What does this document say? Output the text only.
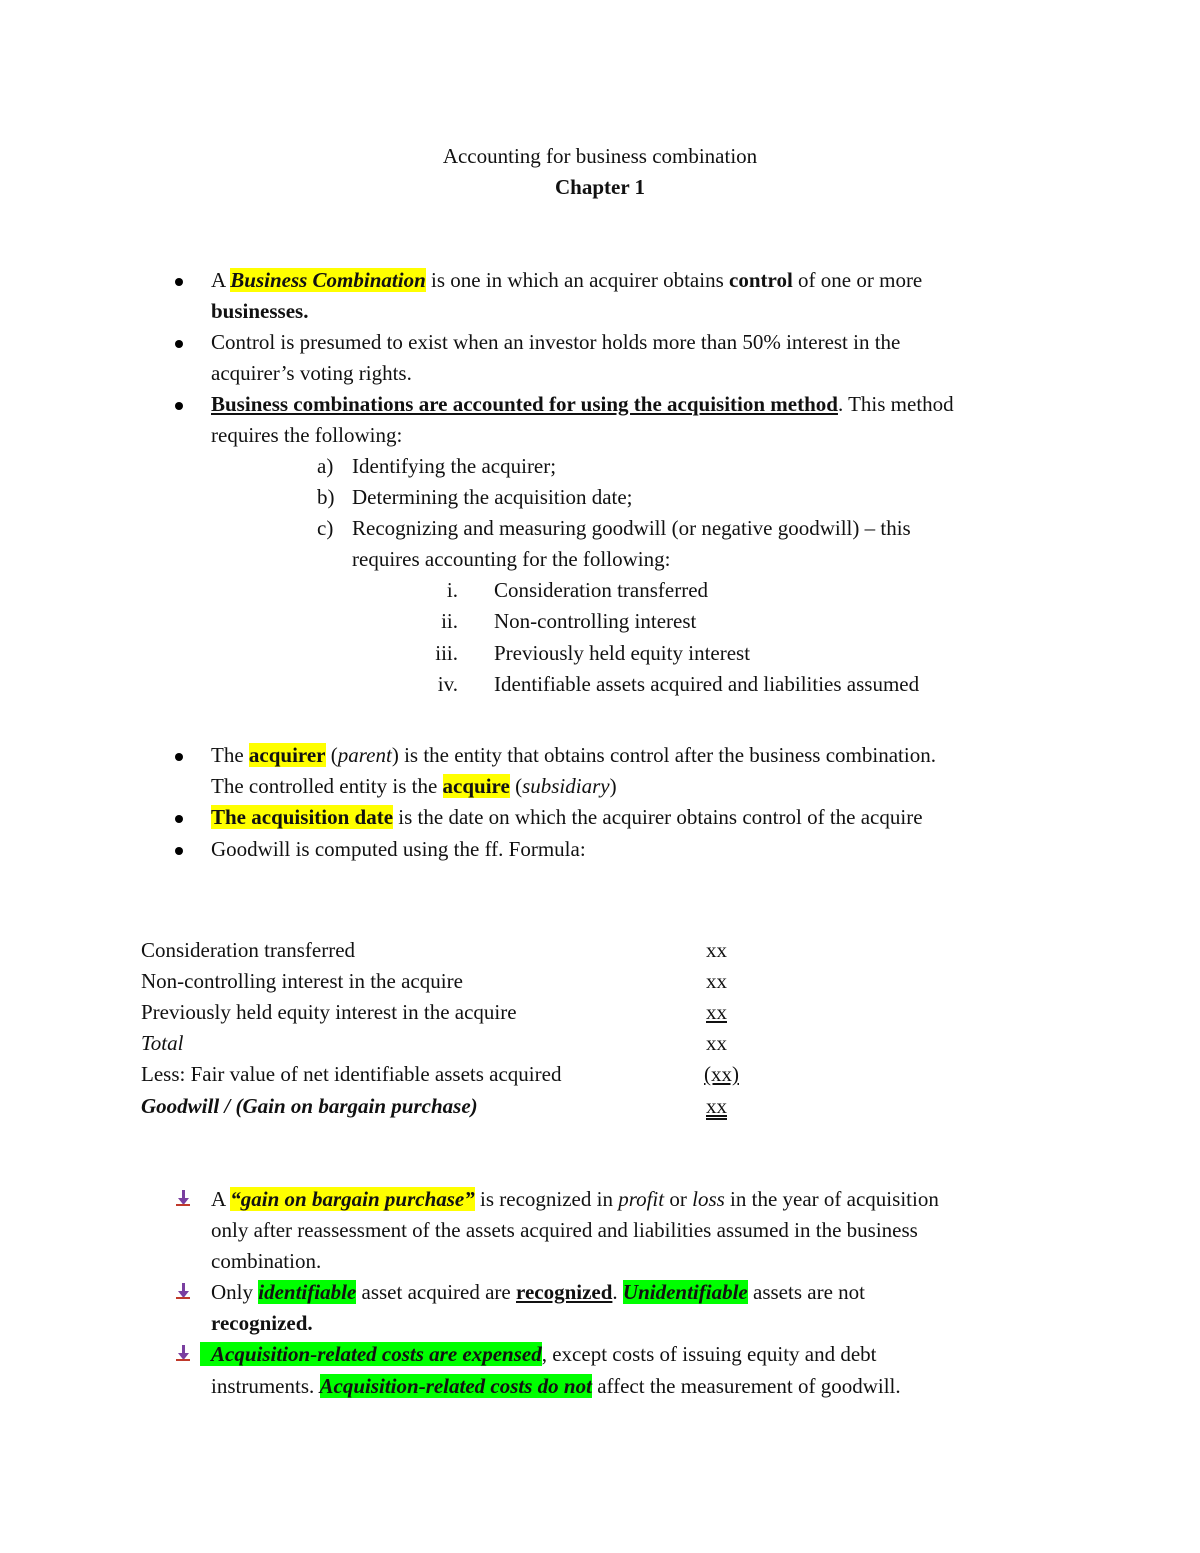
Accounting for business combination
Chapter 1
A Business Combination is one in which an acquirer obtains control of one or more
businesses.
Control is presumed to exist when an investor holds more than 50% interest in the
acquirer’s voting rights.
Business combinations are accounted for using the acquisition method. This method
requires the following:
a) Identifying the acquirer;
b) Determining the acquisition date;
c) Recognizing and measuring goodwill (or negative goodwill) – this
requires accounting for the following:
i. Consideration transferred
ii. Non-controlling interest
iii. Previously held equity interest
iv. Identifiable assets acquired and liabilities assumed
The acquirer (parent) is the entity that obtains control after the business combination.
The controlled entity is the acquire (subsidiary)
The acquisition date is the date on which the acquirer obtains control of the acquire
Goodwill is computed using the ff. Formula:
Consideration transferred	xx
Non-controlling interest in the acquire	xx
Previously held equity interest in the acquire	xx
Total	xx
Less: Fair value of net identifiable assets acquired	(xx)
Goodwill / (Gain on bargain purchase)	xx
A “gain on bargain purchase” is recognized in profit or loss in the year of acquisition
only after reassessment of the assets acquired and liabilities assumed in the business
combination.
Only identifiable asset acquired are recognized. Unidentifiable assets are not
recognized.
Acquisition-related costs are expensed, except costs of issuing equity and debt
instruments. Acquisition-related costs do not affect the measurement of goodwill.
